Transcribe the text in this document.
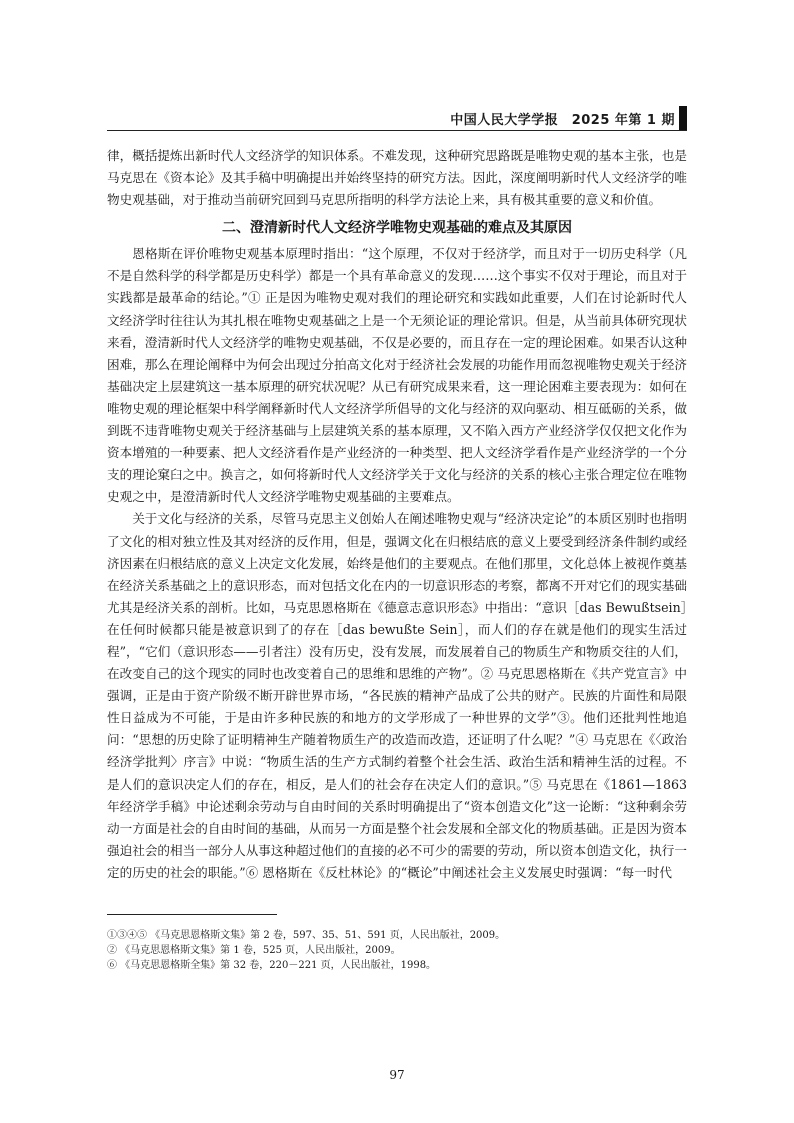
中国人民大学学报　2025 年第 1 期

律，概括提炼出新时代人文经济学的知识体系。不难发现，这种研究思路既是唯物史观的基本主张，也是马克思在《资本论》及其手稿中明确提出并始终坚持的研究方法。因此，深度阐明新时代人文经济学的唯物史观基础，对于推动当前研究回到马克思所指明的科学方法论上来，具有极其重要的意义和价值。

二、澄清新时代人文经济学唯物史观基础的难点及其原因

恩格斯在评价唯物史观基本原理时指出：“这个原理，不仅对于经济学，而且对于一切历史科学（凡不是自然科学的科学都是历史科学）都是一个具有革命意义的发现……这个事实不仅对于理论，而且对于实践都是最革命的结论。”① 正是因为唯物史观对我们的理论研究和实践如此重要，人们在讨论新时代人文经济学时往往认为其扎根在唯物史观基础之上是一个无须论证的理论常识。但是，从当前具体研究现状来看，澄清新时代人文经济学的唯物史观基础，不仅是必要的，而且存在一定的理论困难。如果否认这种困难，那么在理论阐释中为何会出现过分拍高文化对于经济社会发展的功能作用而忽视唯物史观关于经济基础决定上层建筑这一基本原理的研究状况呢？从已有研究成果来看，这一理论困难主要表现为：如何在唯物史观的理论框架中科学阐释新时代人文经济学所倡导的文化与经济的双向驱动、相互砥砺的关系，做到既不违背唯物史观关于经济基础与上层建筑关系的基本原理，又不陷入西方产业经济学仅仅把文化作为资本增殖的一种要素、把人文经济看作是产业经济的一种类型、把人文经济学看作是产业经济学的一个分支的理论窠臼之中。换言之，如何将新时代人文经济学关于文化与经济的关系的核心主张合理定位在唯物史观之中，是澄清新时代人文经济学唯物史观基础的主要难点。

关于文化与经济的关系，尽管马克思主义创始人在阐述唯物史观与“经济决定论”的本质区别时也指明了文化的相对独立性及其对经济的反作用，但是，强调文化在归根结底的意义上要受到经济条件制约或经济因素在归根结底的意义上决定文化发展，始终是他们的主要观点。在他们那里，文化总体上被视作奠基在经济关系基础之上的意识形态，而对包括文化在内的一切意识形态的考察，都离不开对它们的现实基础尤其是经济关系的剖析。比如，马克思恩格斯在《德意志意识形态》中指出：“意识［das Bewußtsein］在任何时候都只能是被意识到了的存在［das bewußte Sein］，而人们的存在就是他们的现实生活过程”，“它们（意识形态——引者注）没有历史，没有发展，而发展着自己的物质生产和物质交往的人们，在改变自己的这个现实的同时也改变着自己的思维和思维的产物”。② 马克思恩格斯在《共产党宣言》中强调，正是由于资产阶级不断开辟世界市场，“各民族的精神产品成了公共的财产。民族的片面性和局限性日益成为不可能，于是由许多种民族的和地方的文学形成了一种世界的文学”③。他们还批判性地追问：“思想的历史除了证明精神生产随着物质生产的改造而改造，还证明了什么呢？”④ 马克思在《〈政治经济学批判〉序言》中说：“物质生活的生产方式制约着整个社会生活、政治生活和精神生活的过程。不是人们的意识决定人们的存在，相反，是人们的社会存在决定人们的意识。”⑤ 马克思在《1861—1863 年经济学手稿》中论述剩余劳动与自由时间的关系时明确提出了“资本创造文化”这一论断：“这种剩余劳动一方面是社会的自由时间的基础，从而另一方面是整个社会发展和全部文化的物质基础。正是因为资本强迫社会的相当一部分人从事这种超过他们的直接的必不可少的需要的劳动，所以资本创造文化，执行一定的历史的社会的职能。”⑥ 恩格斯在《反杜林论》的“概论”中阐述社会主义发展史时强调：“每一时代

①③④⑤ 《马克思恩格斯文集》第 2 卷，597、35、51、591 页，人民出版社，2009。
② 《马克思恩格斯文集》第 1 卷，525 页，人民出版社，2009。
⑥ 《马克思恩格斯全集》第 32 卷，220－221 页，人民出版社，1998。
97
